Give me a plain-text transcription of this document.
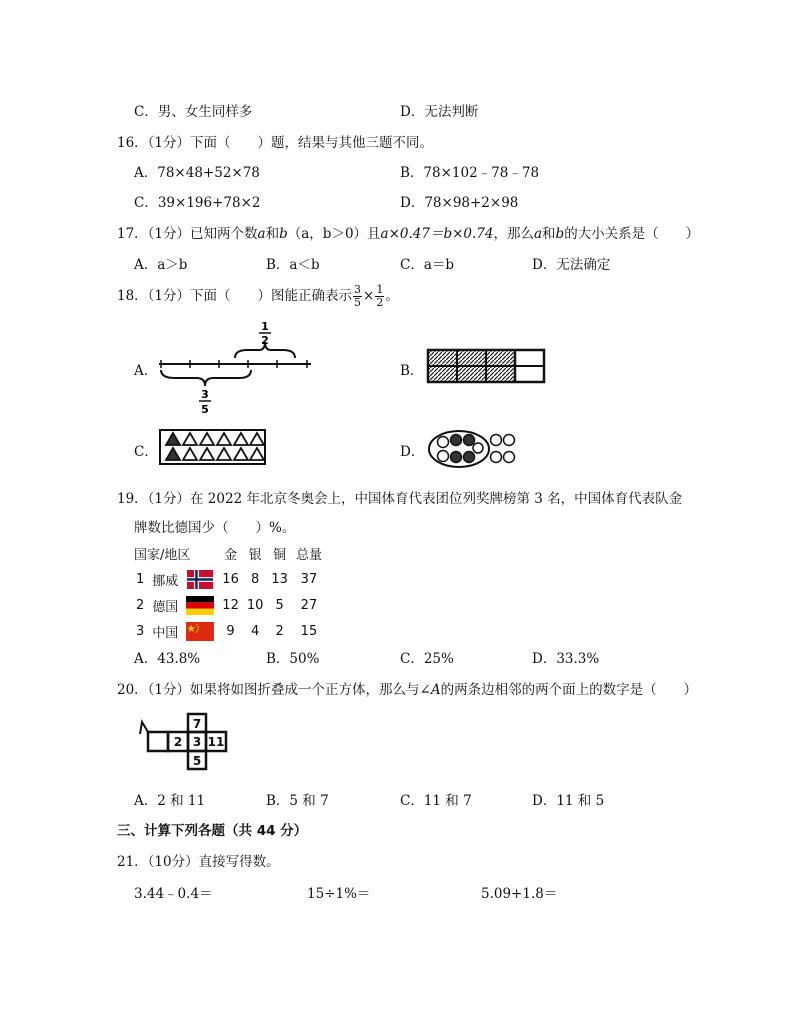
C．男、女生同样多	D．无法判断
16．（1分）下面（　　）题，结果与其他三题不同。
A．78×48+52×78	B．78×102﹣78﹣78
C．39×196+78×2	D．78×98+2×98
17．（1分）已知两个数a和b（a，b＞0）且a×0.47＝b×0.74，那么a和b的大小关系是（　　）
A．a＞b	B．a＜b	C．a＝b	D．无法确定
18．（1分）下面（　　）图能正确表示 $\frac{3}{5} \times \frac{1}{2}$ 。
A．
1
2
3
5
B．
C．	D．
19．（1分）在 2022 年北京冬奥会上，中国体育代表团位列奖牌榜第 3 名，中国体育代表队金
牌数比德国少（　　）%。
国家/地区			金	银	铜	总量
1	挪威		16	8	13	37
2	德国		12	10	5	27
3	中国		9	4	2	15
A．43.8%	B．50%	C．25%	D．33.3%
20．（1分）如果将如图折叠成一个正方体，那么与∠A的两条边相邻的两个面上的数字是（　　）
7
2 3 11
5
A．2 和 11	B．5 和 7	C．11 和 7	D．11 和 5
三、计算下列各题（共 44 分）
21．（10分）直接写得数。
3.44﹣0.4＝	15÷1%＝	5.09+1.8＝
